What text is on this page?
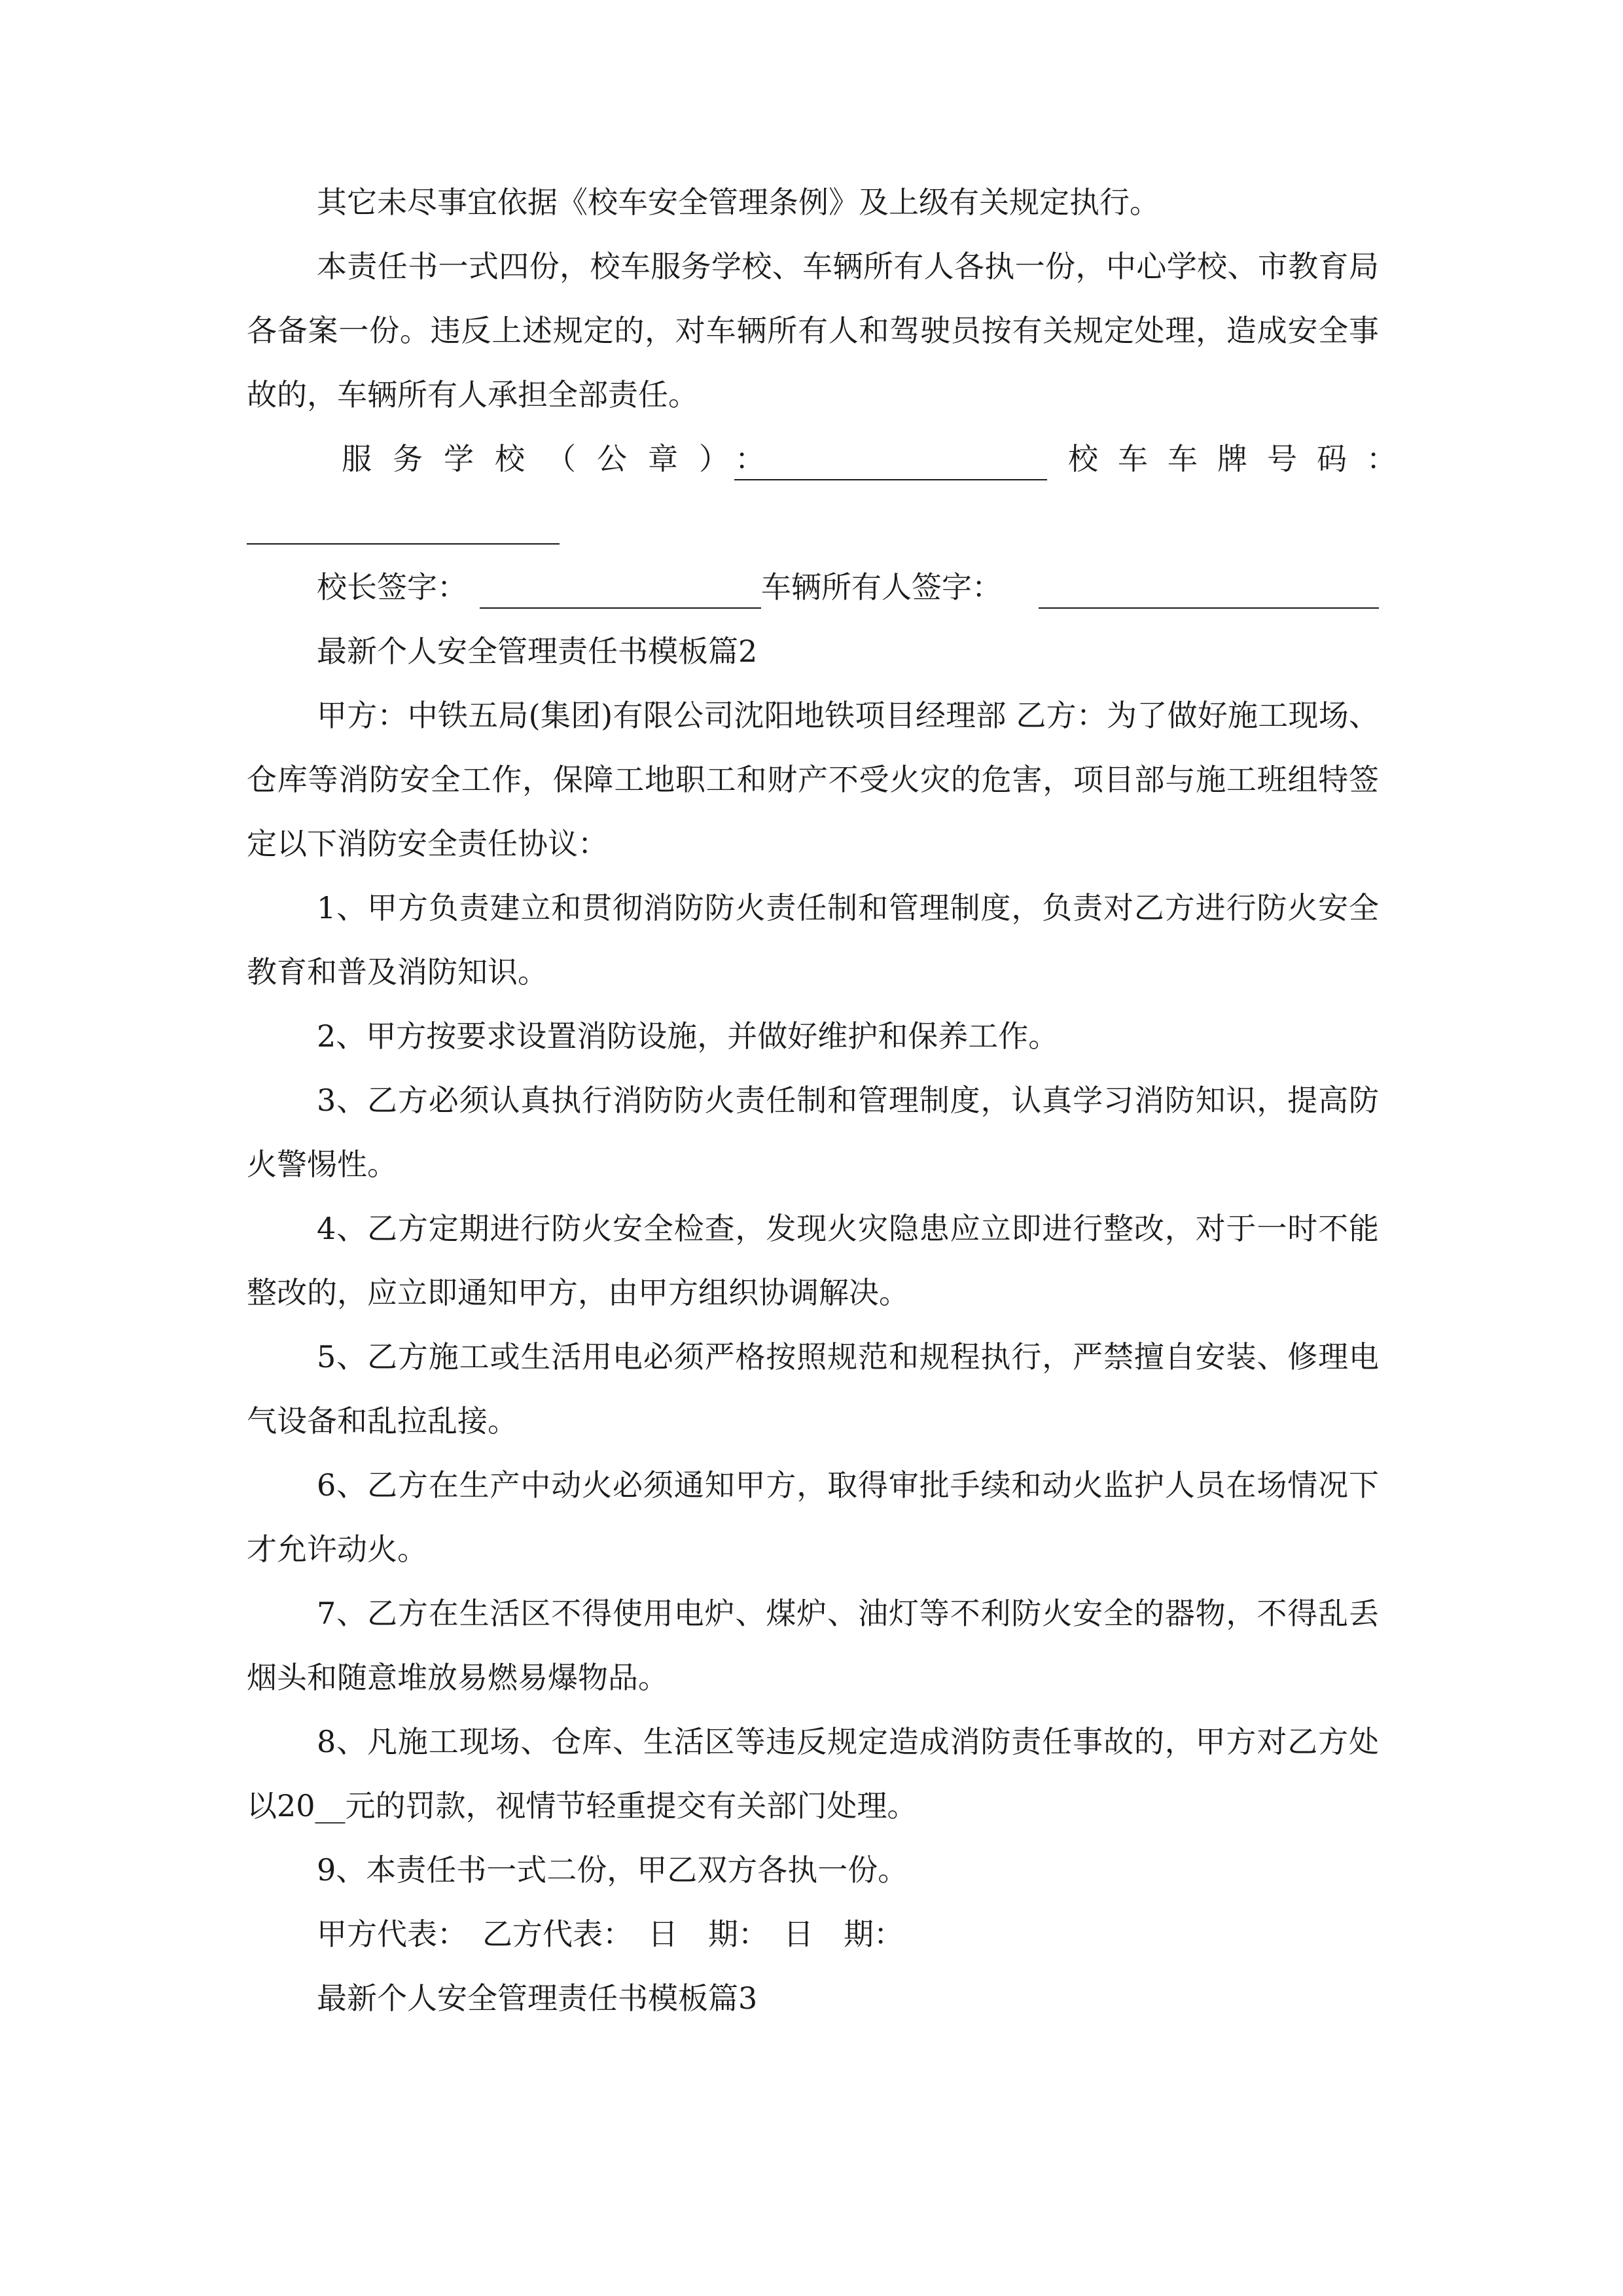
其它未尽事宜依据《校车安全管理条例》及上级有关规定执行。

本责任书一式四份，校车服务学校、车辆所有人各执一份，中心学校、市教育局各备案一份。违反上述规定的，对车辆所有人和驾驶员按有关规定处理，造成安全事故的，车辆所有人承担全部责任。

服务学校（公章）：	校车车牌号码：
校长签字：	车辆所有人签字：

最新个人安全管理责任书模板篇2

甲方：中铁五局(集团)有限公司沈阳地铁项目经理部 乙方：为了做好施工现场、仓库等消防安全工作，保障工地职工和财产不受火灾的危害，项目部与施工班组特签定以下消防安全责任协议：

1、甲方负责建立和贯彻消防防火责任制和管理制度，负责对乙方进行防火安全教育和普及消防知识。

2、甲方按要求设置消防设施，并做好维护和保养工作。

3、乙方必须认真执行消防防火责任制和管理制度，认真学习消防知识，提高防火警惕性。

4、乙方定期进行防火安全检查，发现火灾隐患应立即进行整改，对于一时不能整改的，应立即通知甲方，由甲方组织协调解决。

5、乙方施工或生活用电必须严格按照规范和规程执行，严禁擅自安装、修理电气设备和乱拉乱接。

6、乙方在生产中动火必须通知甲方，取得审批手续和动火监护人员在场情况下才允许动火。

7、乙方在生活区不得使用电炉、煤炉、油灯等不利防火安全的器物，不得乱丢烟头和随意堆放易燃易爆物品。

8、凡施工现场、仓库、生活区等违反规定造成消防责任事故的，甲方对乙方处以20__元的罚款，视情节轻重提交有关部门处理。

9、本责任书一式二份，甲乙双方各执一份。

甲方代表：　乙方代表：　日　期：　日　期：

最新个人安全管理责任书模板篇3
